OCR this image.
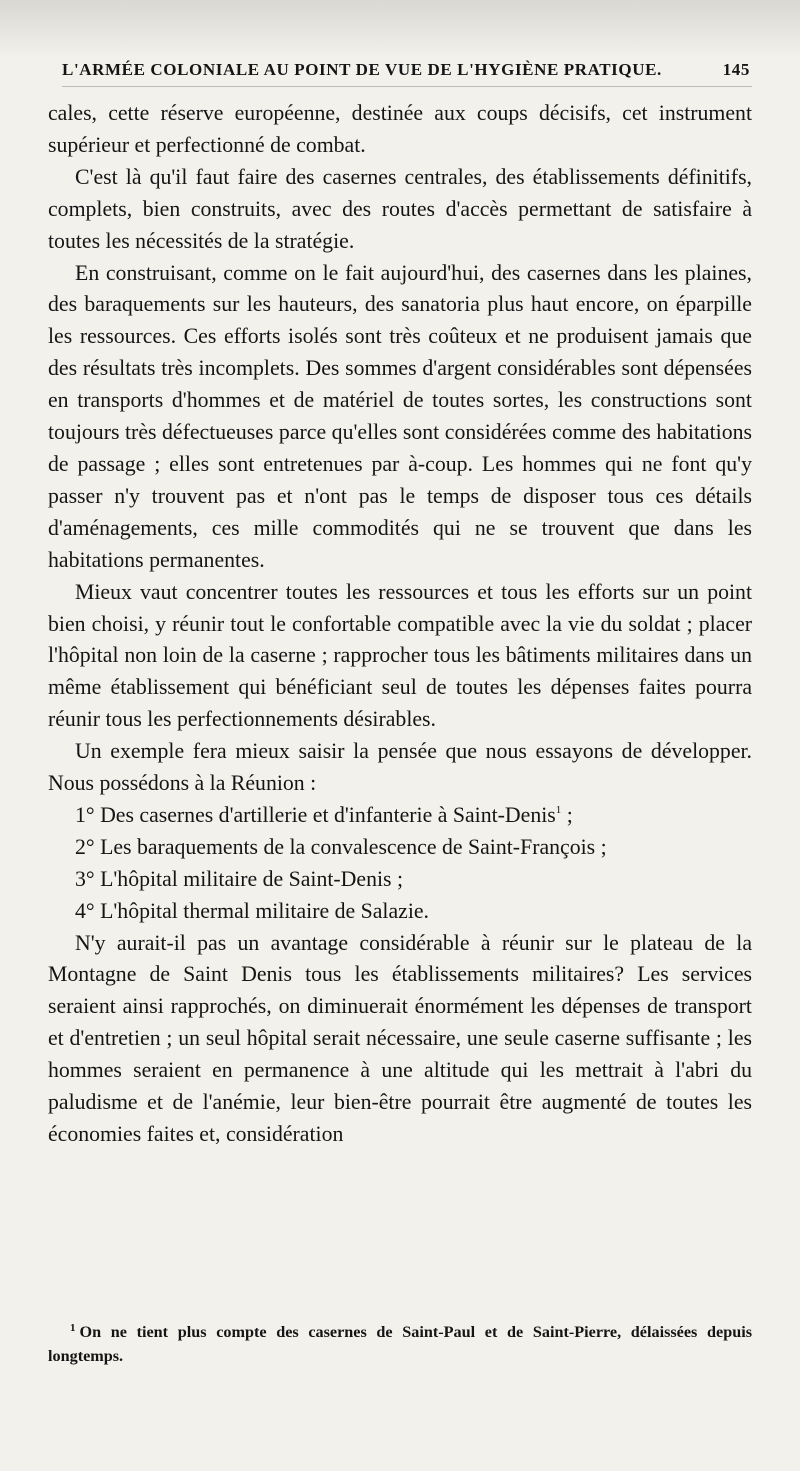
L'ARMÉE COLONIALE AU POINT DE VUE DE L'HYGIÈNE PRATIQUE.	145

cales, cette réserve européenne, destinée aux coups décisifs, cet instrument supérieur et perfectionné de combat.

C'est là qu'il faut faire des casernes centrales, des établissements définitifs, complets, bien construits, avec des routes d'accès permettant de satisfaire à toutes les nécessités de la stratégie.

En construisant, comme on le fait aujourd'hui, des casernes dans les plaines, des baraquements sur les hauteurs, des sanatoria plus haut encore, on éparpille les ressources. Ces efforts isolés sont très coûteux et ne produisent jamais que des résultats très incomplets. Des sommes d'argent considérables sont dépensées en transports d'hommes et de matériel de toutes sortes, les constructions sont toujours très défectueuses parce qu'elles sont considérées comme des habitations de passage ; elles sont entretenues par à-coup. Les hommes qui ne font qu'y passer n'y trouvent pas et n'ont pas le temps de disposer tous ces détails d'aménagements, ces mille commodités qui ne se trouvent que dans les habitations permanentes.

Mieux vaut concentrer toutes les ressources et tous les efforts sur un point bien choisi, y réunir tout le confortable compatible avec la vie du soldat ; placer l'hôpital non loin de la caserne ; rapprocher tous les bâtiments militaires dans un même établissement qui bénéficiant seul de toutes les dépenses faites pourra réunir tous les perfectionnements désirables.

Un exemple fera mieux saisir la pensée que nous essayons de développer. Nous possédons à la Réunion :

1° Des casernes d'artillerie et d'infanterie à Saint-Denis$^1$ ;

2° Les baraquements de la convalescence de Saint-François ;

3° L'hôpital militaire de Saint-Denis ;

4° L'hôpital thermal militaire de Salazie.

N'y aurait-il pas un avantage considérable à réunir sur le plateau de la Montagne de Saint Denis tous les établissements militaires? Les services seraient ainsi rapprochés, on diminuerait énormément les dépenses de transport et d'entretien ; un seul hôpital serait nécessaire, une seule caserne suffisante ; les hommes seraient en permanence à une altitude qui les mettrait à l'abri du paludisme et de l'anémie, leur bien-être pourrait être augmenté de toutes les économies faites et, considération

$^1$ On ne tient plus compte des casernes de Saint-Paul et de Saint-Pierre, délaissées depuis longtemps.
